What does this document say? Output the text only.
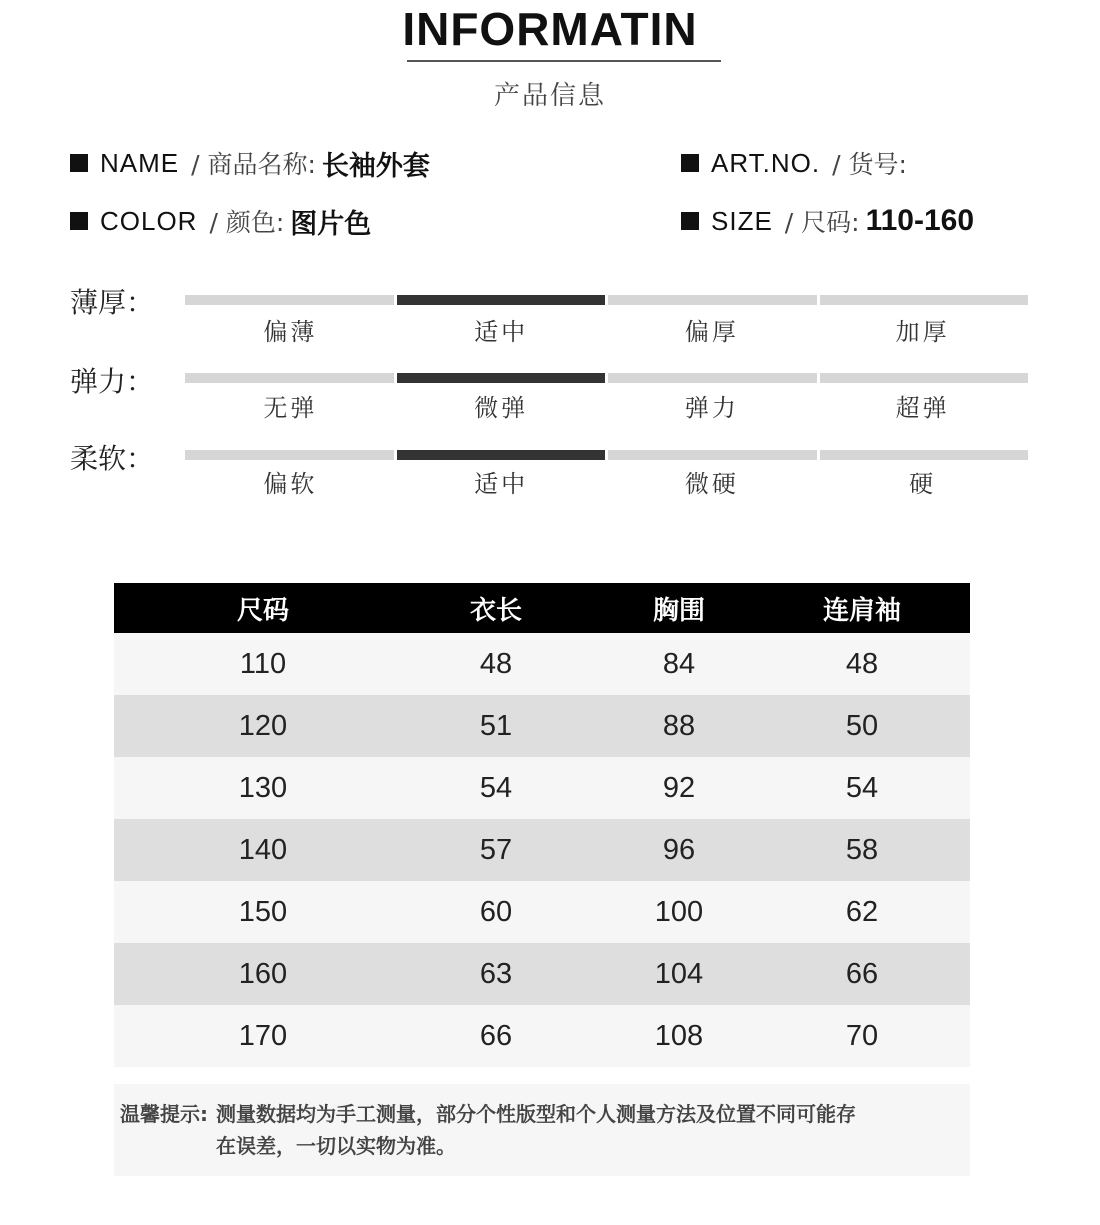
INFORMATIN
产品信息
NAME / 商品名称: 长袖外套	ART.NO. / 货号:
COLOR / 颜色: 图片色	SIZE / 尺码: 110-160
薄厚：
偏薄	适中	偏厚	加厚
弹力：
无弹	微弹	弹力	超弹
柔软：
偏软	适中	微硬	硬
尺码	衣长	胸围	连肩袖
110	48	84	48
120	51	88	50
130	54	92	54
140	57	96	58
150	60	100	62
160	63	104	66
170	66	108	70
温馨提示: 测量数据均为手工测量，部分个性版型和个人测量方法及位置不同可能存
在误差，一切以实物为准。
